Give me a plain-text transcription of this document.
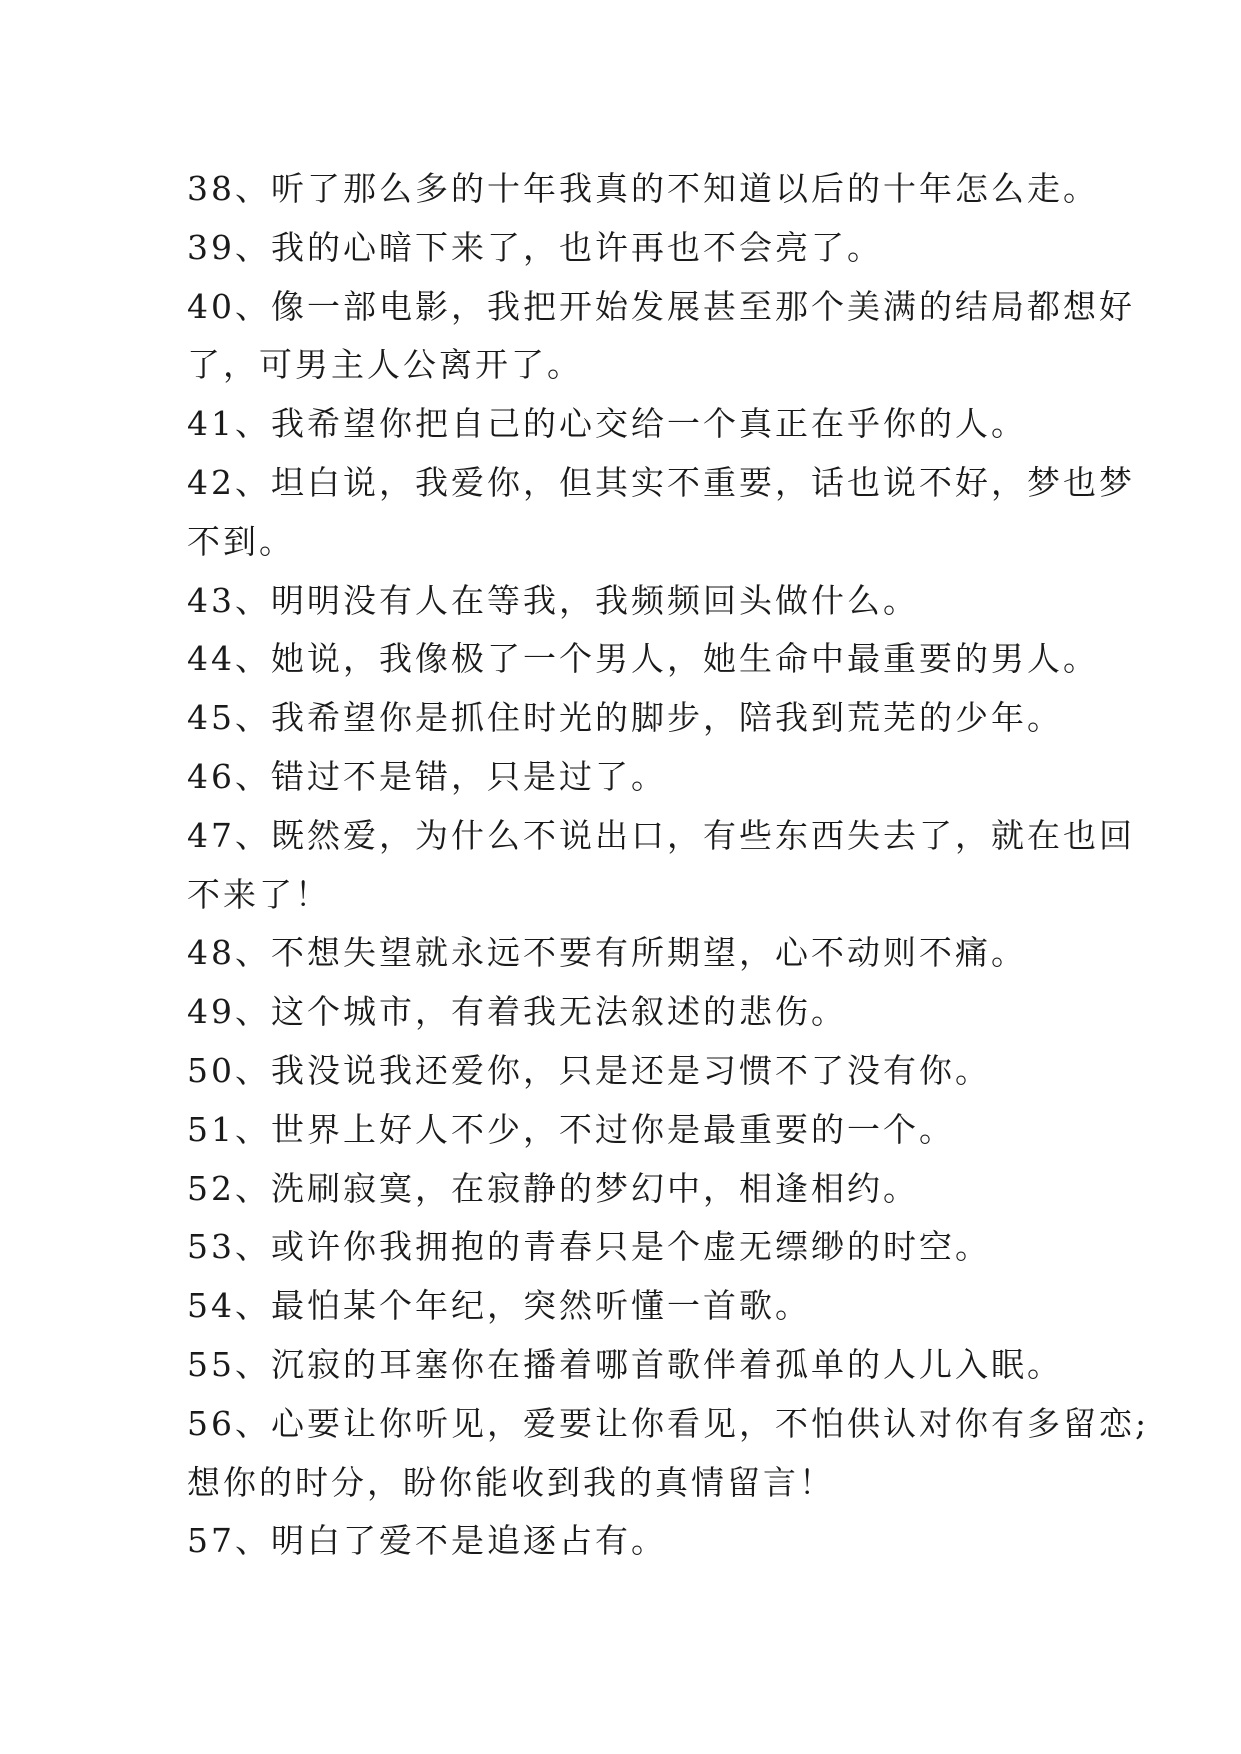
38、听了那么多的十年我真的不知道以后的十年怎么走。
39、我的心暗下来了，也许再也不会亮了。
40、像一部电影，我把开始发展甚至那个美满的结局都想好
了，可男主人公离开了。
41、我希望你把自己的心交给一个真正在乎你的人。
42、坦白说，我爱你，但其实不重要，话也说不好，梦也梦
不到。
43、明明没有人在等我，我频频回头做什么。
44、她说，我像极了一个男人，她生命中最重要的男人。
45、我希望你是抓住时光的脚步，陪我到荒芜的少年。
46、错过不是错，只是过了。
47、既然爱，为什么不说出口，有些东西失去了，就在也回
不来了！
48、不想失望就永远不要有所期望，心不动则不痛。
49、这个城市，有着我无法叙述的悲伤。
50、我没说我还爱你，只是还是习惯不了没有你。
51、世界上好人不少，不过你是最重要的一个。
52、洗刷寂寞，在寂静的梦幻中，相逢相约。
53、或许你我拥抱的青春只是个虚无缥缈的时空。
54、最怕某个年纪，突然听懂一首歌。
55、沉寂的耳塞你在播着哪首歌伴着孤单的人儿入眠。
56、心要让你听见，爱要让你看见，不怕供认对你有多留恋;
想你的时分，盼你能收到我的真情留言！
57、明白了爱不是追逐占有。
